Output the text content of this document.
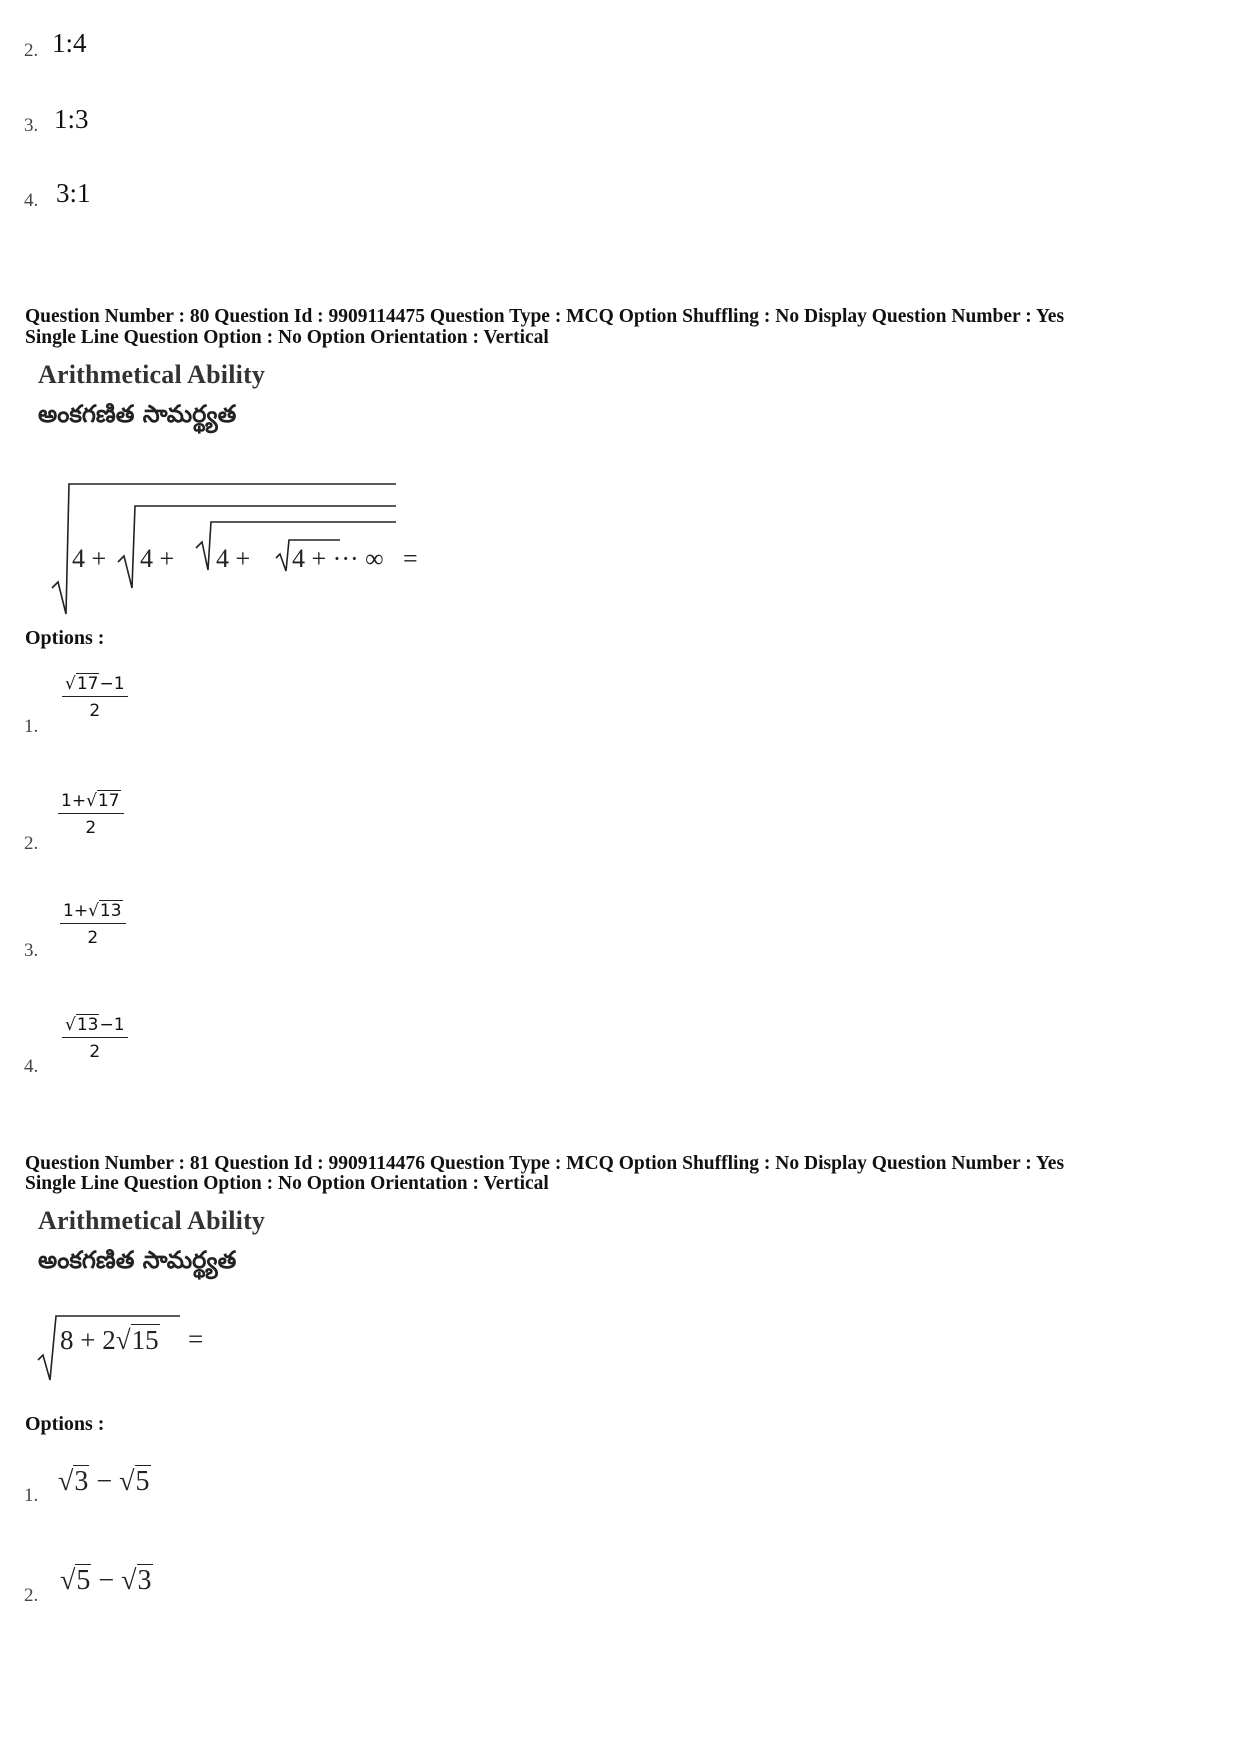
2. 1:4
3. 1:3
4. 3:1
Question Number : 80 Question Id : 9909114475 Question Type : MCQ Option Shuffling : No Display Question Number : Yes
Single Line Question Option : No Option Orientation : Vertical
Arithmetical Ability
అంకగణిత సామర్థ్యత
4 + 4 + 4 + 4 + ··· ∞ =
Options :
1.
$\frac{√17-1}{2}$
2.
$\frac{1+√17}{2}$
3.
$\frac{1+√13}{2}$
4.
$\frac{√13-1}{2}$
Question Number : 81 Question Id : 9909114476 Question Type : MCQ Option Shuffling : No Display Question Number : Yes
Single Line Question Option : No Option Orientation : Vertical
Arithmetical Ability
అంకగణిత సామర్థ్యత
8 + 2√15 =
Options :
1. √3 − √5
2. √5 − √3
